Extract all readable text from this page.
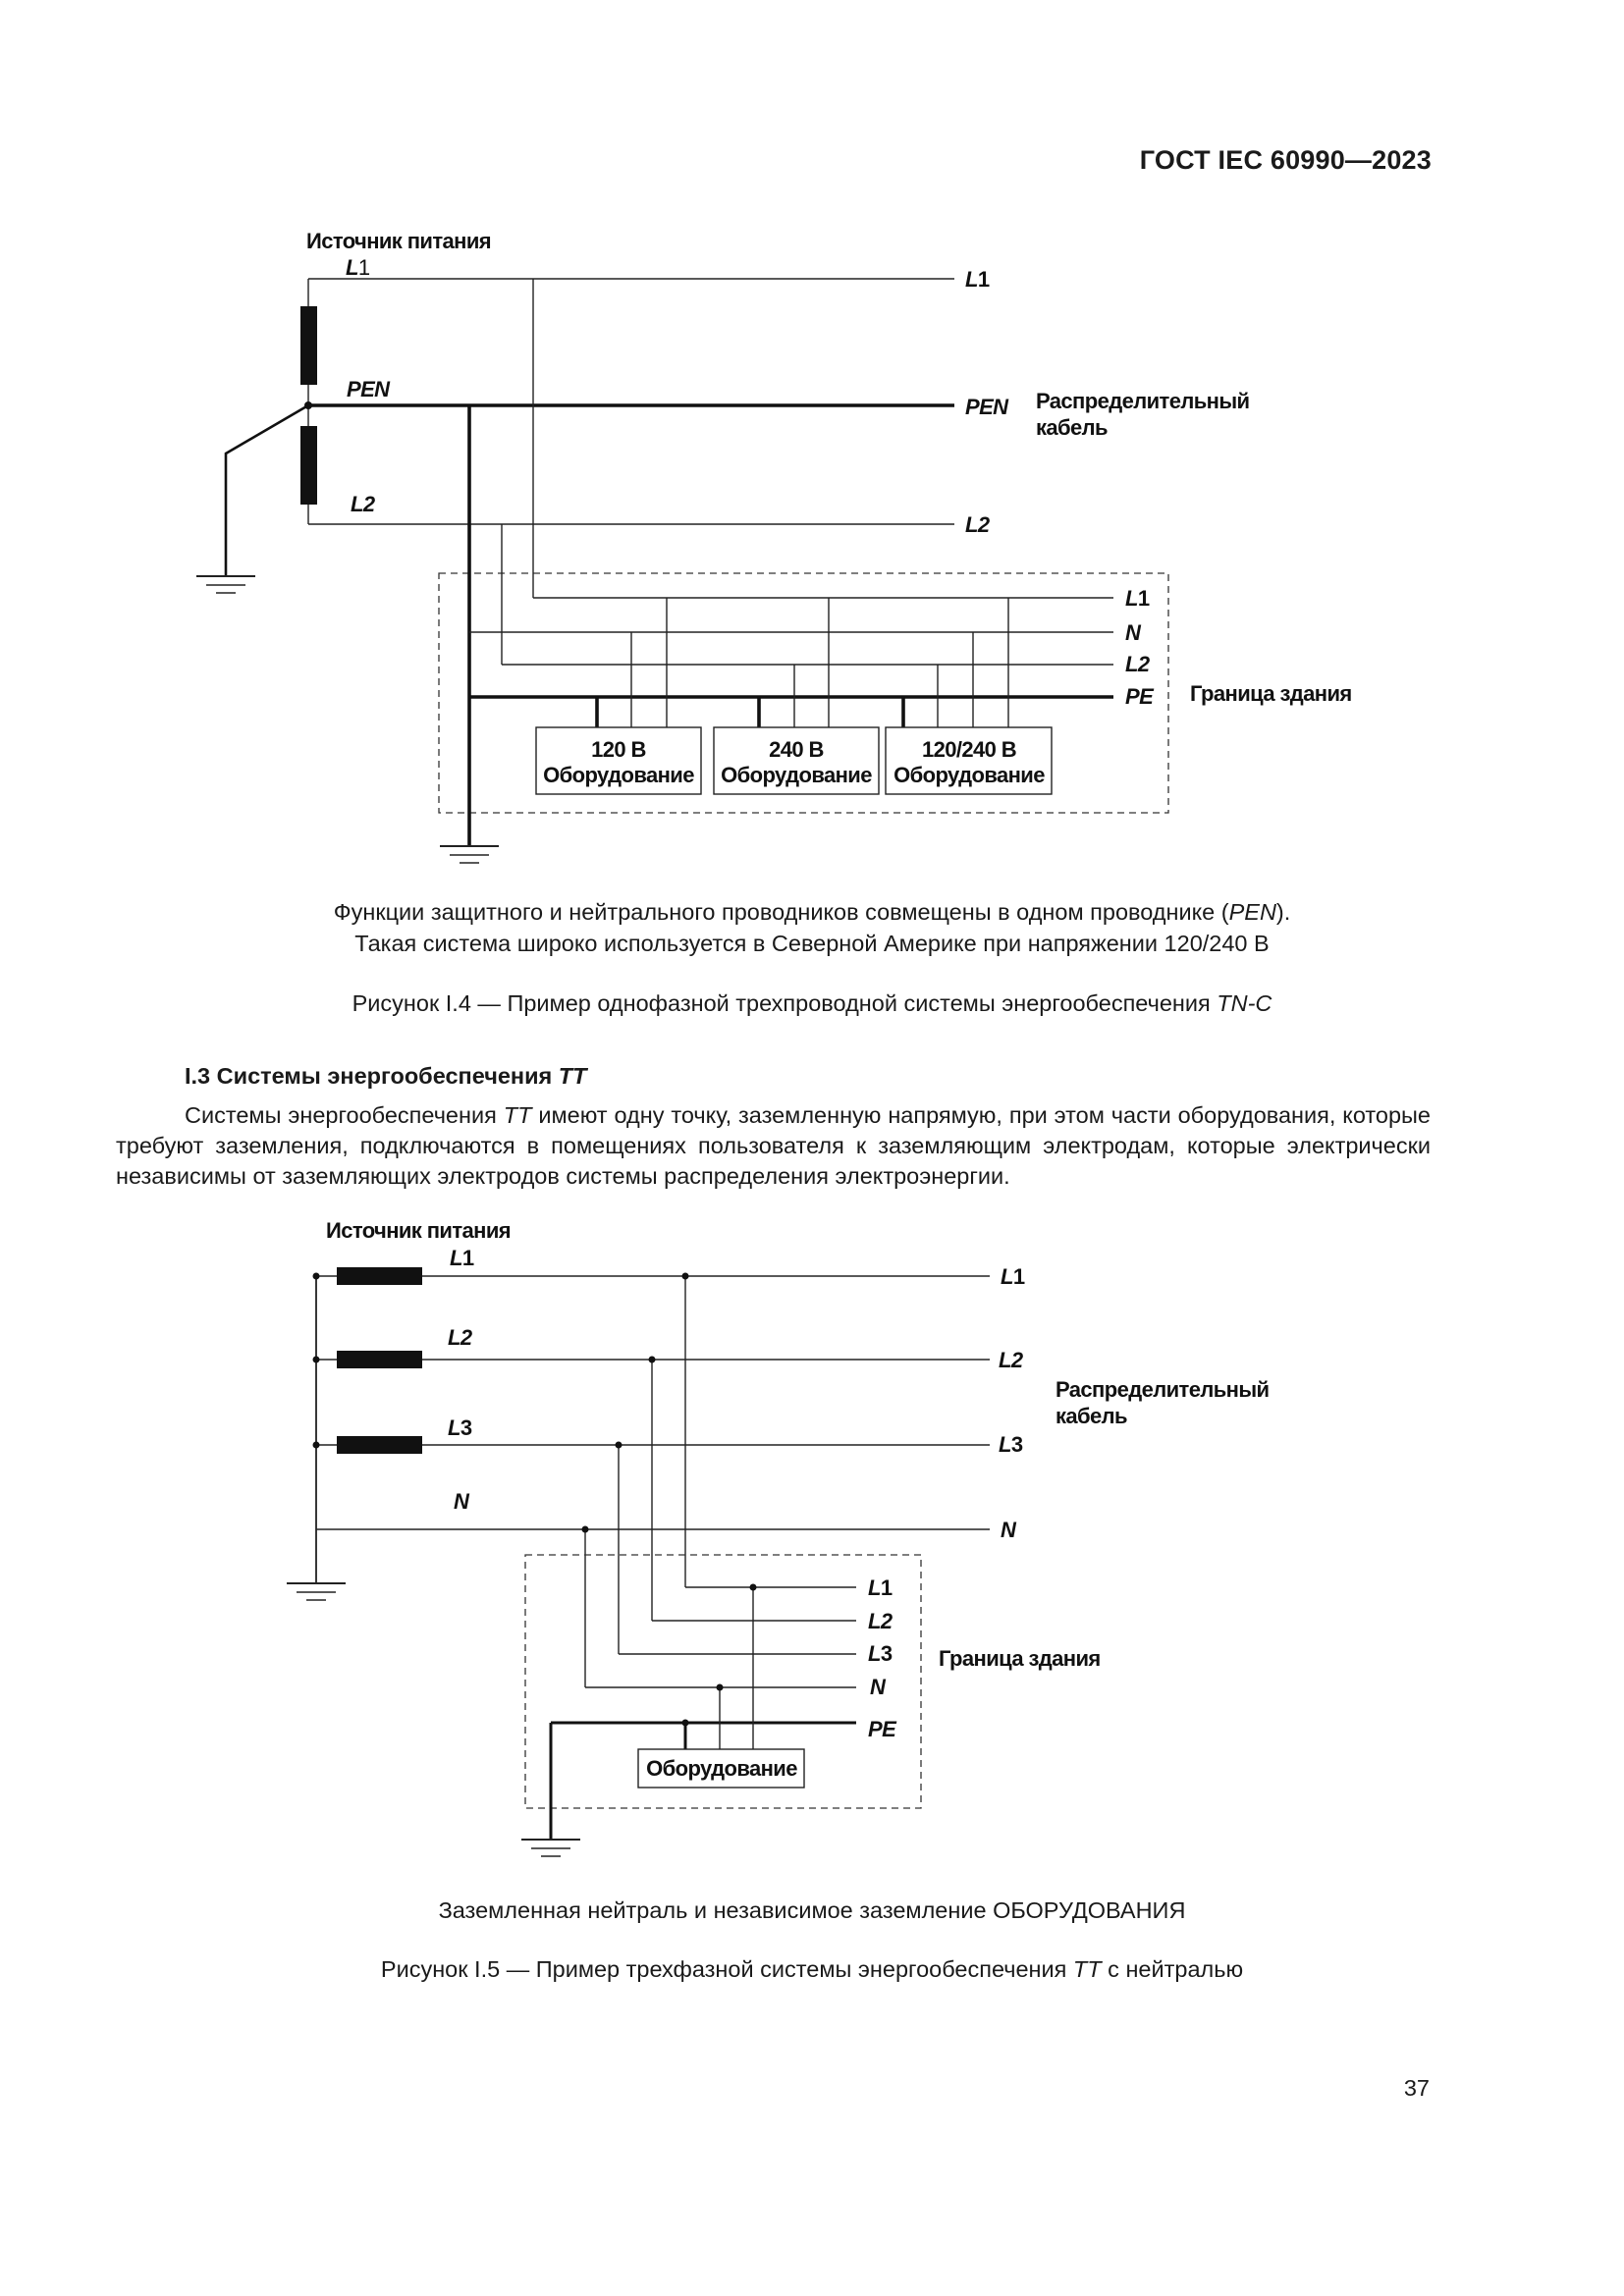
ГОСТ IEC 60990—2023
Источник питания
L1
PEN
L2
L1
PEN
L2
Распределительный
кабель
L1
N
L2
PE Граница здания
120 В
Оборудование
240 В
Оборудование
120/240 В
Оборудование
Функции защитного и нейтрального проводников совмещены в одном проводнике (PEN).
Такая система широко используется в Северной Америке при напряжении 120/240 В
Рисунок I.4 — Пример однофазной трехпроводной системы энергообеспечения TN-C
I.3 Системы энергообеспечения TT
Системы энергообеспечения TT имеют одну точку, заземленную напрямую, при этом части оборудования, которые требуют заземления, подключаются в помещениях пользователя к заземляющим электродам, которые электрически независимы от заземляющих электродов системы распределения электроэнергии.
Источник питания
L1
L2
L3
N
L1
L2
L3
N
Распределительный
кабель
L1
L2
L3
N
PE
Граница здания
Оборудование
Заземленная нейтраль и независимое заземление ОБОРУДОВАНИЯ
Рисунок I.5 — Пример трехфазной системы энергообеспечения TT с нейтралью
37
